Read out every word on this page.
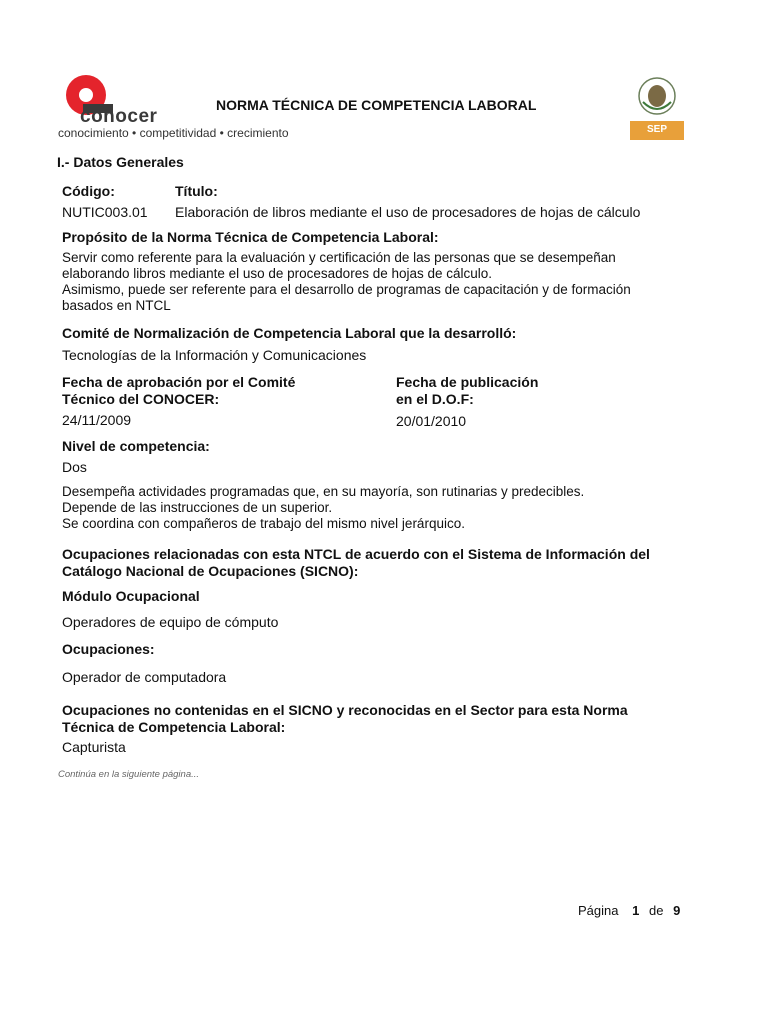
conocer
conocimiento • competitividad • crecimiento
NORMA TÉCNICA DE COMPETENCIA LABORAL
SEP
I.- Datos Generales
Código:	Título:
NUTIC003.01 Elaboración de libros mediante el uso de procesadores de hojas de cálculo
Propósito de la Norma Técnica de Competencia Laboral:
Servir como referente para la evaluación y certificación de las personas que se desempeñan
elaborando libros mediante el uso de procesadores de hojas de cálculo.
Asimismo, puede ser referente para el desarrollo de programas de capacitación y de formación
basados en NTCL
Comité de Normalización de Competencia Laboral que la desarrolló:
Tecnologías de la Información y Comunicaciones
Fecha de aprobación por el Comité
Técnico del CONOCER:
24/11/2009
Fecha de publicación
en el D.O.F:
20/01/2010
Nivel de competencia:
Dos
Desempeña actividades programadas que, en su mayoría, son rutinarias y predecibles.
Depende de las instrucciones de un superior.
Se coordina con compañeros de trabajo del mismo nivel jerárquico.
Ocupaciones relacionadas con esta NTCL de acuerdo con el Sistema de Información del
Catálogo Nacional de Ocupaciones (SICNO):
Módulo Ocupacional
Operadores de equipo de cómputo
Ocupaciones:
Operador de computadora
Ocupaciones no contenidas en el SICNO y reconocidas en el Sector para esta Norma
Técnica de Competencia Laboral:
Capturista
Continúa en la siguiente página...
Página 1 de 9
